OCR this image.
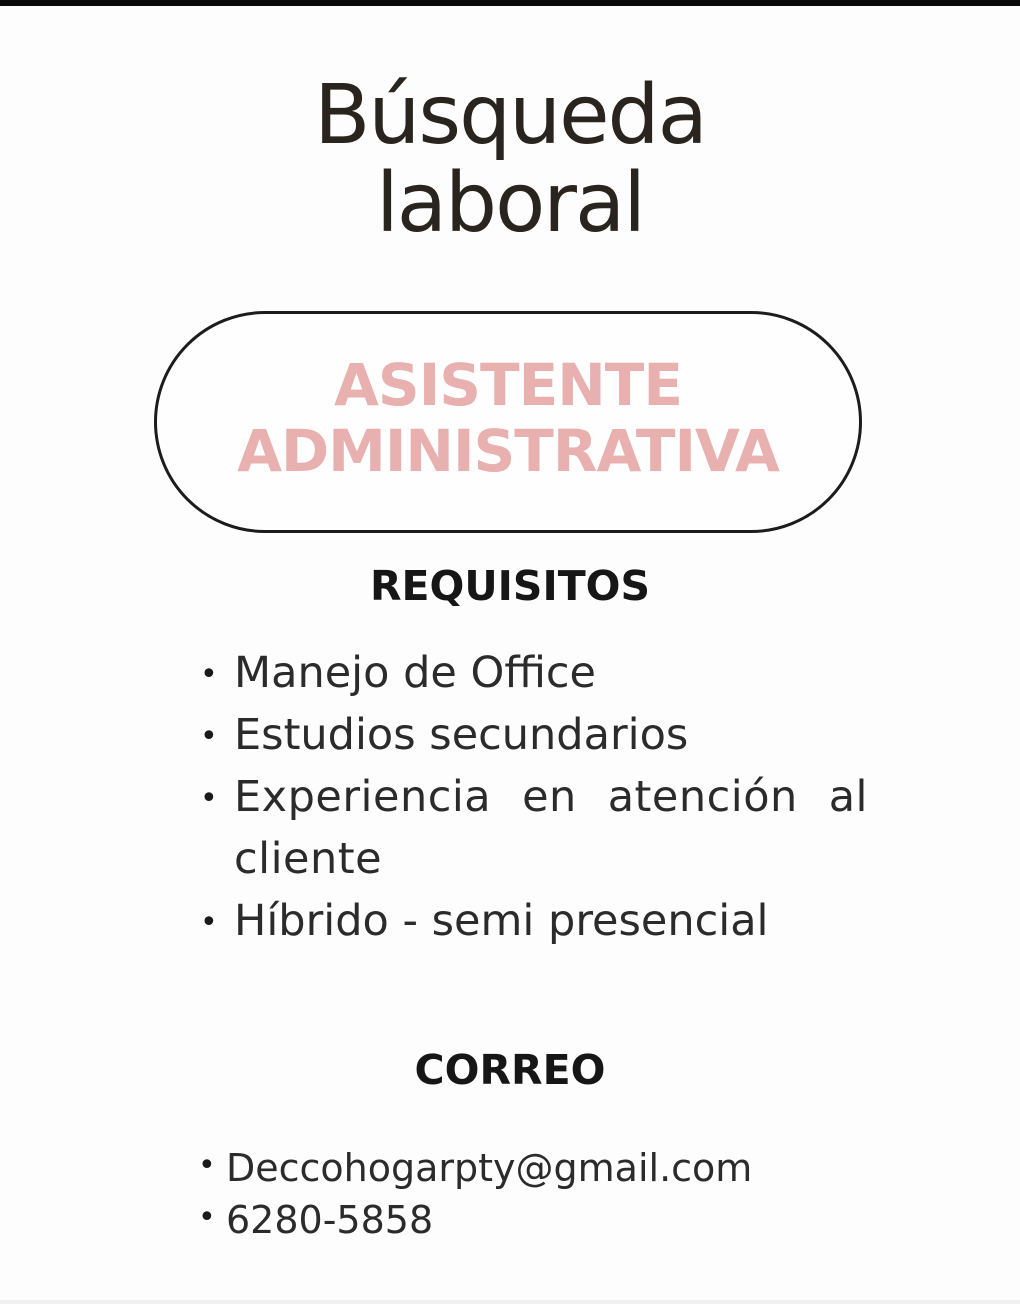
Búsqueda
laboral
ASISTENTE
ADMINISTRATIVA
REQUISITOS
• Manejo de Office
• Estudios secundarios
• Experiencia en atención al cliente
• Híbrido - semi presencial
CORREO
• Deccohogarpty@gmail.com
• 6280-5858
